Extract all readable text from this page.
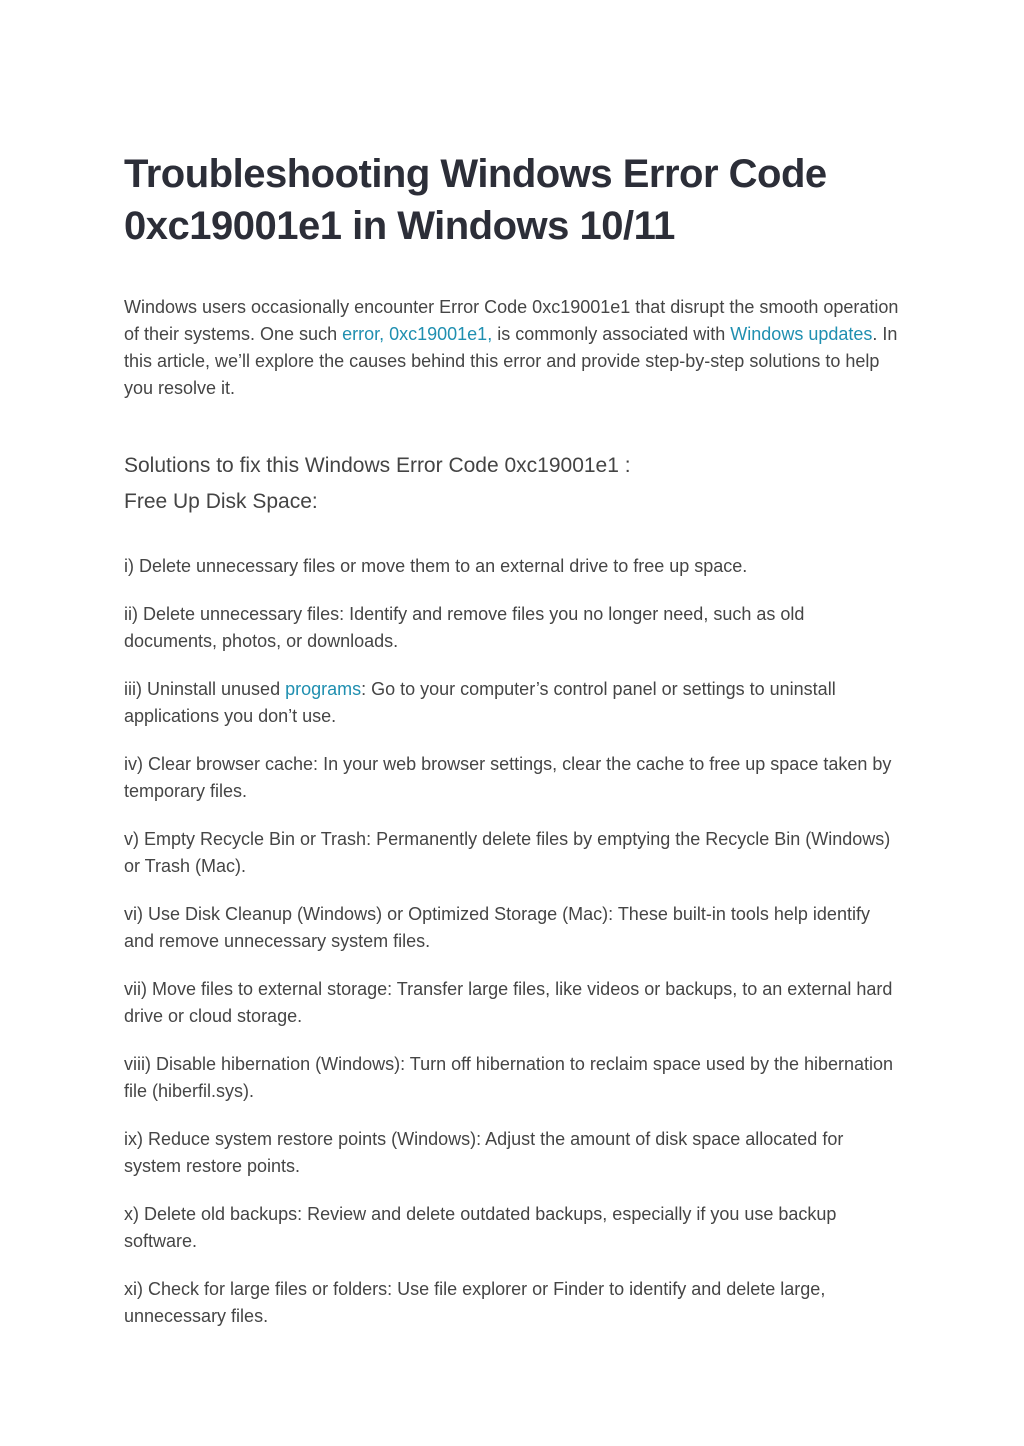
Troubleshooting Windows Error Code 0xc19001e1 in Windows 10/11

Windows users occasionally encounter Error Code 0xc19001e1 that disrupt the smooth operation of their systems. One such error, 0xc19001e1, is commonly associated with Windows updates. In this article, we’ll explore the causes behind this error and provide step-by-step solutions to help you resolve it.

Solutions to fix this Windows Error Code 0xc19001e1 :

Free Up Disk Space:

i) Delete unnecessary files or move them to an external drive to free up space.

ii) Delete unnecessary files: Identify and remove files you no longer need, such as old documents, photos, or downloads.

iii) Uninstall unused programs: Go to your computer’s control panel or settings to uninstall applications you don’t use.

iv) Clear browser cache: In your web browser settings, clear the cache to free up space taken by temporary files.

v) Empty Recycle Bin or Trash: Permanently delete files by emptying the Recycle Bin (Windows) or Trash (Mac).

vi) Use Disk Cleanup (Windows) or Optimized Storage (Mac): These built-in tools help identify and remove unnecessary system files.

vii) Move files to external storage: Transfer large files, like videos or backups, to an external hard drive or cloud storage.

viii) Disable hibernation (Windows): Turn off hibernation to reclaim space used by the hibernation file (hiberfil.sys).

ix) Reduce system restore points (Windows): Adjust the amount of disk space allocated for system restore points.

x) Delete old backups: Review and delete outdated backups, especially if you use backup software.

xi) Check for large files or folders: Use file explorer or Finder to identify and delete large, unnecessary files.
